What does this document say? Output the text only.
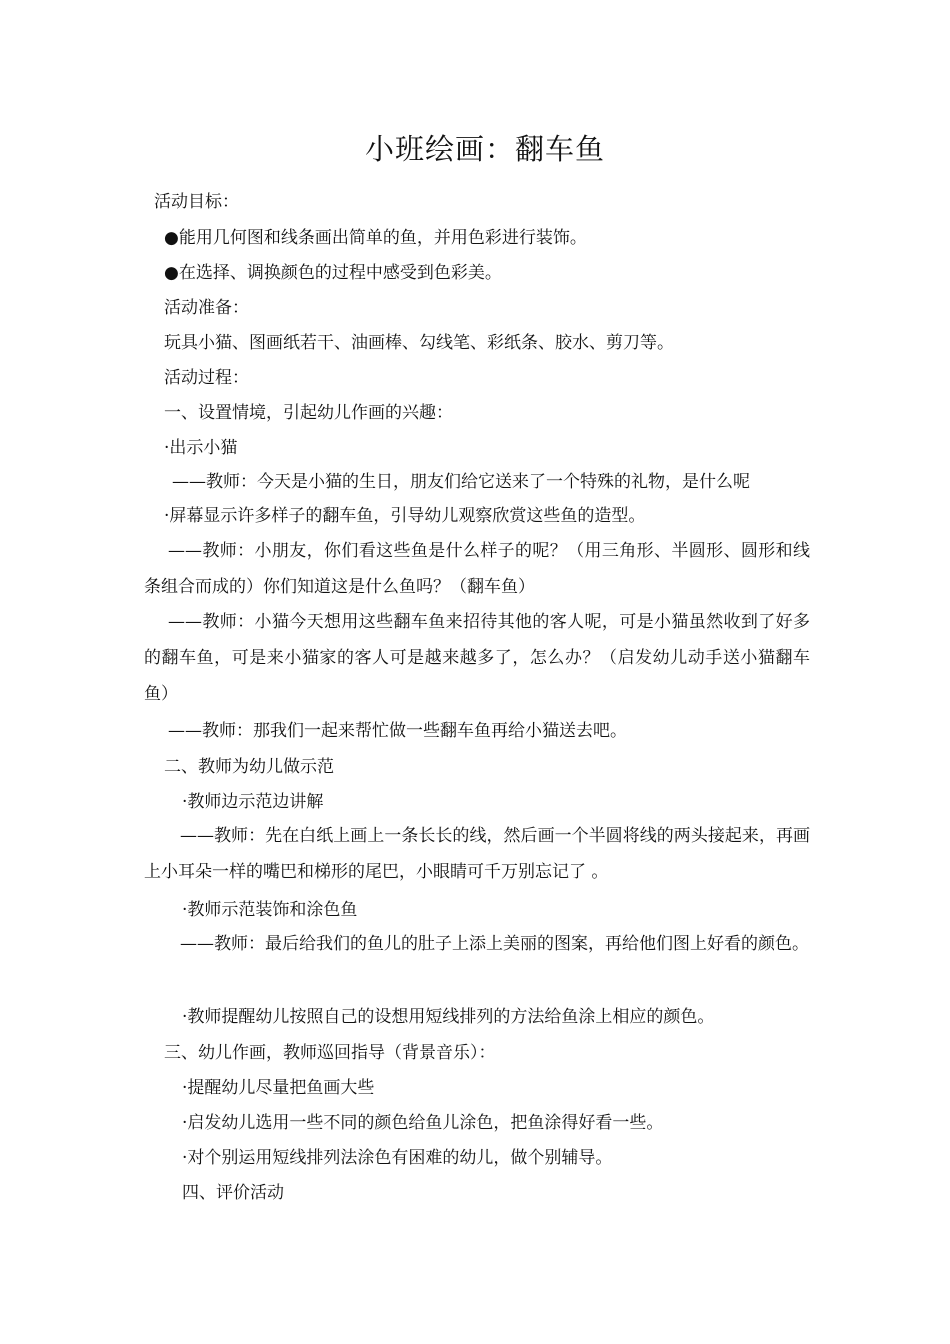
小班绘画：翻车鱼
活动目标：
●能用几何图和线条画出简单的鱼，并用色彩进行装饰。
●在选择、调换颜色的过程中感受到色彩美。
活动准备：
玩具小猫、图画纸若干、油画棒、勾线笔、彩纸条、胶水、剪刀等。
活动过程：
一、设置情境，引起幼儿作画的兴趣：
·出示小猫
——教师：今天是小猫的生日，朋友们给它送来了一个特殊的礼物，是什么呢
·屏幕显示许多样子的翻车鱼，引导幼儿观察欣赏这些鱼的造型。
——教师：小朋友，你们看这些鱼是什么样子的呢？（用三角形、半圆形、圆形和线条组合而成的）你们知道这是什么鱼吗？（翻车鱼）
——教师：小猫今天想用这些翻车鱼来招待其他的客人呢，可是小猫虽然收到了好多的翻车鱼，可是来小猫家的客人可是越来越多了，怎么办？（启发幼儿动手送小猫翻车鱼）
——教师：那我们一起来帮忙做一些翻车鱼再给小猫送去吧。
二、教师为幼儿做示范
·教师边示范边讲解
——教师：先在白纸上画上一条长长的线，然后画一个半圆将线的两头接起来，再画上小耳朵一样的嘴巴和梯形的尾巴，小眼睛可千万别忘记了 。
·教师示范装饰和涂色鱼
——教师：最后给我们的鱼儿的肚子上添上美丽的图案，再给他们图上好看的颜色。
·教师提醒幼儿按照自己的设想用短线排列的方法给鱼涂上相应的颜色。
三、幼儿作画，教师巡回指导（背景音乐）：
·提醒幼儿尽量把鱼画大些
·启发幼儿选用一些不同的颜色给鱼儿涂色，把鱼涂得好看一些。
·对个别运用短线排列法涂色有困难的幼儿，做个别辅导。
四、评价活动
